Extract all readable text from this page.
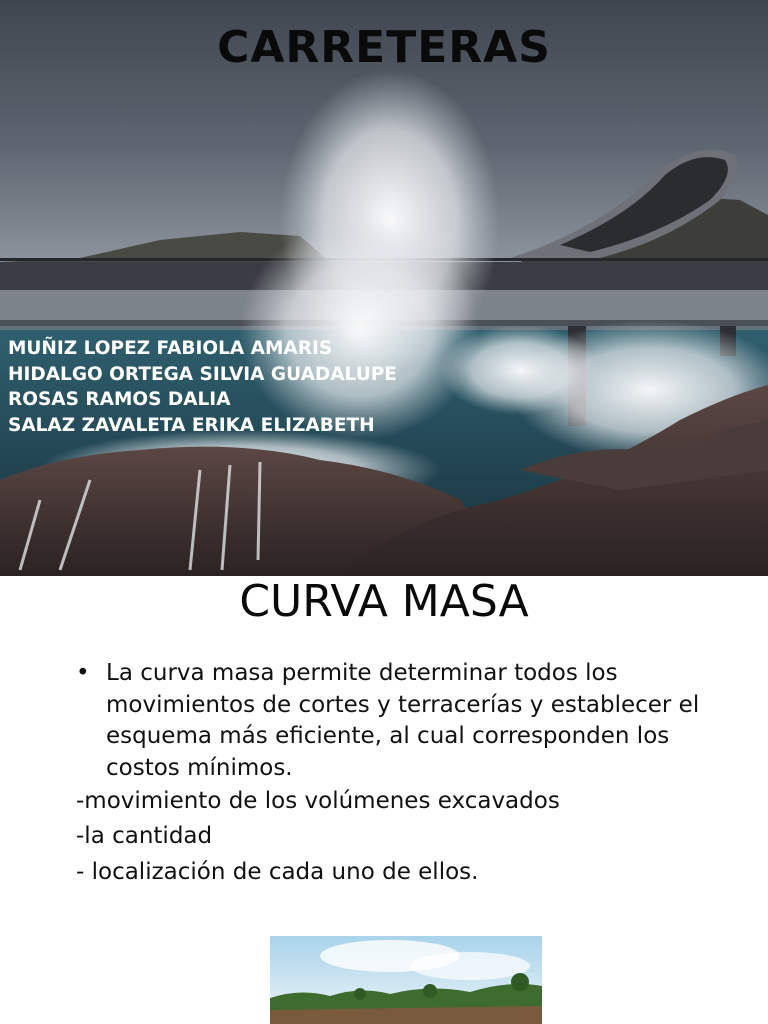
CARRETERAS
MUÑIZ LOPEZ FABIOLA AMARIS
HIDALGO ORTEGA SILVIA GUADALUPE
ROSAS RAMOS DALIA
SALAZ ZAVALETA ERIKA ELIZABETH
CURVA MASA
• La curva masa permite determinar todos los movimientos de cortes y terracerías y establecer el esquema más eficiente, al cual corresponden los costos mínimos.
-movimiento de los volúmenes excavados
-la cantidad
- localización de cada uno de ellos.
